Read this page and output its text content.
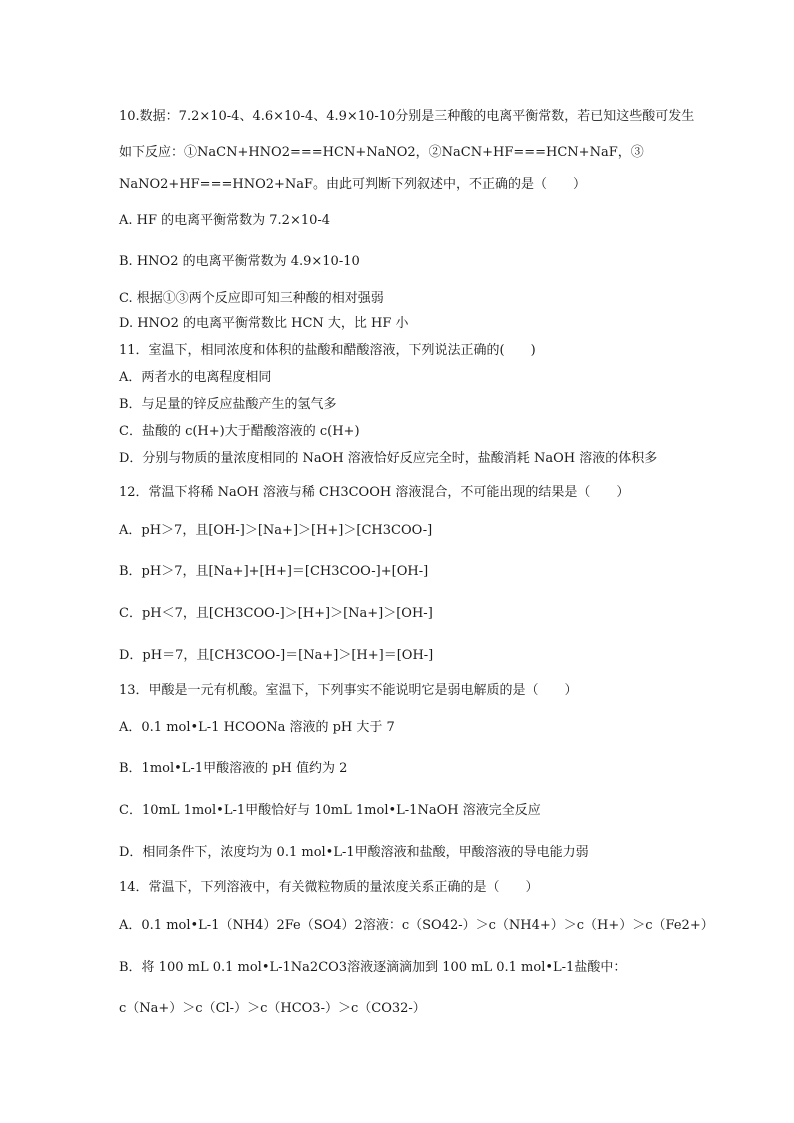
10.数据：7.2×10-4、4.6×10-4、4.9×10-10分别是三种酸的电离平衡常数，若已知这些酸可发生
如下反应：①NaCN+HNO2===HCN+NaNO2，②NaCN+HF===HCN+NaF，③
NaNO2+HF===HNO2+NaF。由此可判断下列叙述中，不正确的是（　　）
A. HF 的电离平衡常数为 7.2×10-4
B. HNO2 的电离平衡常数为 4.9×10-10
C. 根据①③两个反应即可知三种酸的相对强弱
D. HNO2 的电离平衡常数比 HCN 大，比 HF 小
11．室温下，相同浓度和体积的盐酸和醋酸溶液，下列说法正确的(　　)
A．两者水的电离程度相同
B．与足量的锌反应盐酸产生的氢气多
C．盐酸的 c(H+)大于醋酸溶液的 c(H+)
D．分别与物质的量浓度相同的 NaOH 溶液恰好反应完全时，盐酸消耗 NaOH 溶液的体积多
12．常温下将稀 NaOH 溶液与稀 CH3COOH 溶液混合，不可能出现的结果是（　　）
A．pH＞7，且[OH-]＞[Na+]＞[H+]＞[CH3COO-]
B．pH＞7，且[Na+]+[H+]＝[CH3COO-]+[OH-]
C．pH＜7，且[CH3COO-]＞[H+]＞[Na+]＞[OH-]
D．pH＝7，且[CH3COO-]＝[Na+]＞[H+]＝[OH-]
13．甲酸是一元有机酸。室温下，下列事实不能说明它是弱电解质的是（　　）
A．0.1 mol•L-1 HCOONa 溶液的 pH 大于 7
B．1mol•L-1甲酸溶液的 pH 值约为 2
C．10mL 1mol•L-1甲酸恰好与 10mL 1mol•L-1NaOH 溶液完全反应
D．相同条件下，浓度均为 0.1 mol•L-1甲酸溶液和盐酸，甲酸溶液的导电能力弱
14．常温下，下列溶液中，有关微粒物质的量浓度关系正确的是（　　）
A．0.1 mol•L-1（NH4）2Fe（SO4）2溶液：c（SO42-）＞c（NH4+）＞c（H+）＞c（Fe2+）
B．将 100 mL 0.1 mol•L-1Na2CO3溶液逐滴滴加到 100 mL 0.1 mol•L-1盐酸中：
c（Na+）＞c（Cl-）＞c（HCO3-）＞c（CO32-）
